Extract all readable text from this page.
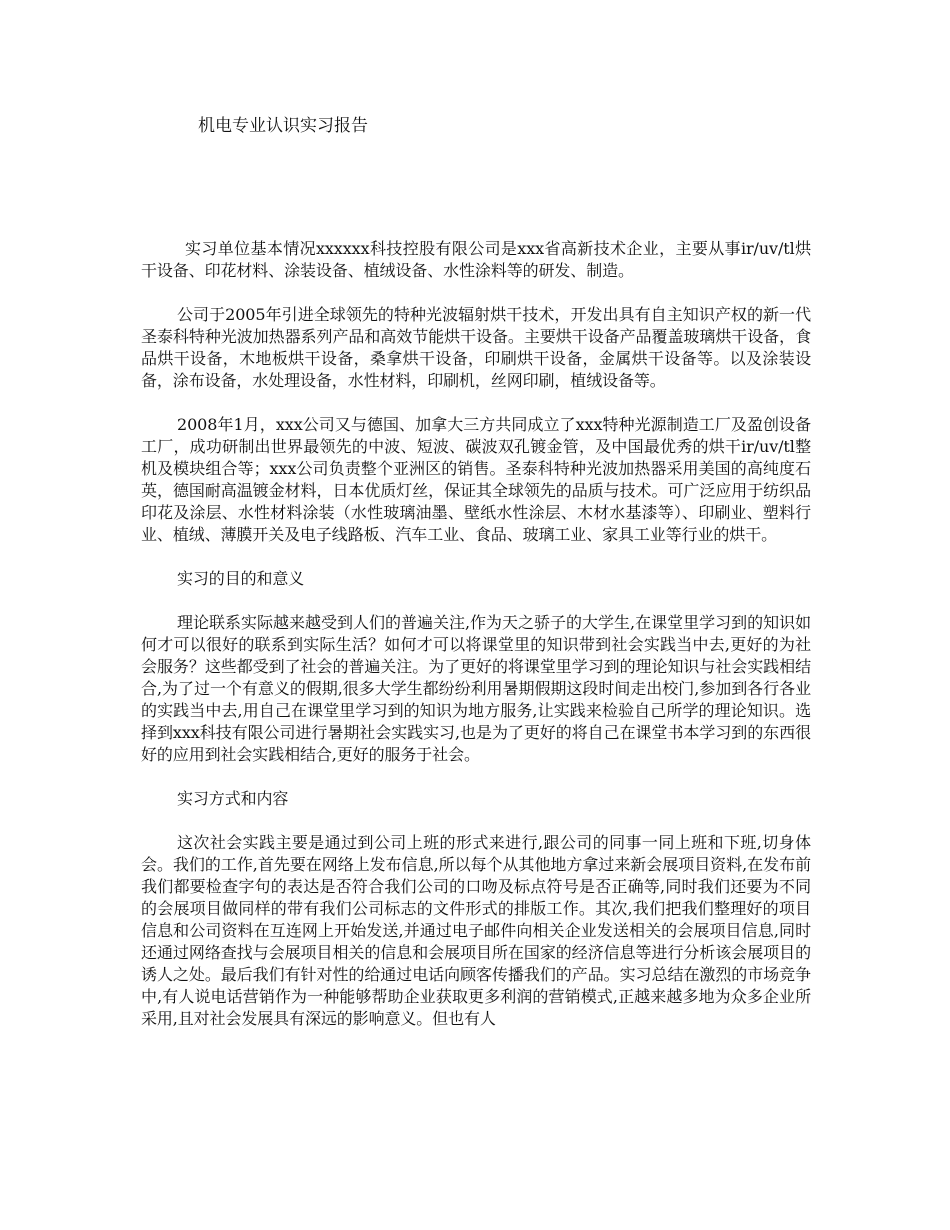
机电专业认识实习报告

实习单位基本情况xxxxxx科技控股有限公司是xxx省高新技术企业，主要从事ir/uv/tl烘干设备、印花材料、涂装设备、植绒设备、水性涂料等的研发、制造。

公司于2005年引进全球领先的特种光波辐射烘干技术，开发出具有自主知识产权的新一代圣泰科特种光波加热器系列产品和高效节能烘干设备。主要烘干设备产品覆盖玻璃烘干设备，食品烘干设备，木地板烘干设备，桑拿烘干设备，印刷烘干设备，金属烘干设备等。以及涂装设备，涂布设备，水处理设备，水性材料，印刷机，丝网印刷，植绒设备等。

2008年1月，xxx公司又与德国、加拿大三方共同成立了xxx特种光源制造工厂及盈创设备工厂，成功研制出世界最领先的中波、短波、碳波双孔镀金管，及中国最优秀的烘干ir/uv/tl整机及模块组合等；xxx公司负责整个亚洲区的销售。圣泰科特种光波加热器采用美国的高纯度石英，德国耐高温镀金材料，日本优质灯丝，保证其全球领先的品质与技术。可广泛应用于纺织品印花及涂层、水性材料涂装（水性玻璃油墨、壁纸水性涂层、木材水基漆等）、印刷业、塑料行业、植绒、薄膜开关及电子线路板、汽车工业、食品、玻璃工业、家具工业等行业的烘干。

实习的目的和意义

理论联系实际越来越受到人们的普遍关注,作为天之骄子的大学生,在课堂里学习到的知识如何才可以很好的联系到实际生活？如何才可以将课堂里的知识带到社会实践当中去,更好的为社会服务？这些都受到了社会的普遍关注。为了更好的将课堂里学习到的理论知识与社会实践相结合,为了过一个有意义的假期,很多大学生都纷纷利用暑期假期这段时间走出校门,参加到各行各业的实践当中去,用自己在课堂里学习到的知识为地方服务,让实践来检验自己所学的理论知识。选择到xxx科技有限公司进行暑期社会实践实习,也是为了更好的将自己在课堂书本学习到的东西很好的应用到社会实践相结合,更好的服务于社会。

实习方式和内容

这次社会实践主要是通过到公司上班的形式来进行,跟公司的同事一同上班和下班,切身体会。我们的工作,首先要在网络上发布信息,所以每个从其他地方拿过来新会展项目资料,在发布前我们都要检查字句的表达是否符合我们公司的口吻及标点符号是否正确等,同时我们还要为不同的会展项目做同样的带有我们公司标志的文件形式的排版工作。其次,我们把我们整理好的项目信息和公司资料在互连网上开始发送,并通过电子邮件向相关企业发送相关的会展项目信息,同时还通过网络查找与会展项目相关的信息和会展项目所在国家的经济信息等进行分析该会展项目的诱人之处。最后我们有针对性的给通过电话向顾客传播我们的产品。实习总结在激烈的市场竞争中,有人说电话营销作为一种能够帮助企业获取更多利润的营销模式,正越来越多地为众多企业所采用,且对社会发展具有深远的影响意义。但也有人
